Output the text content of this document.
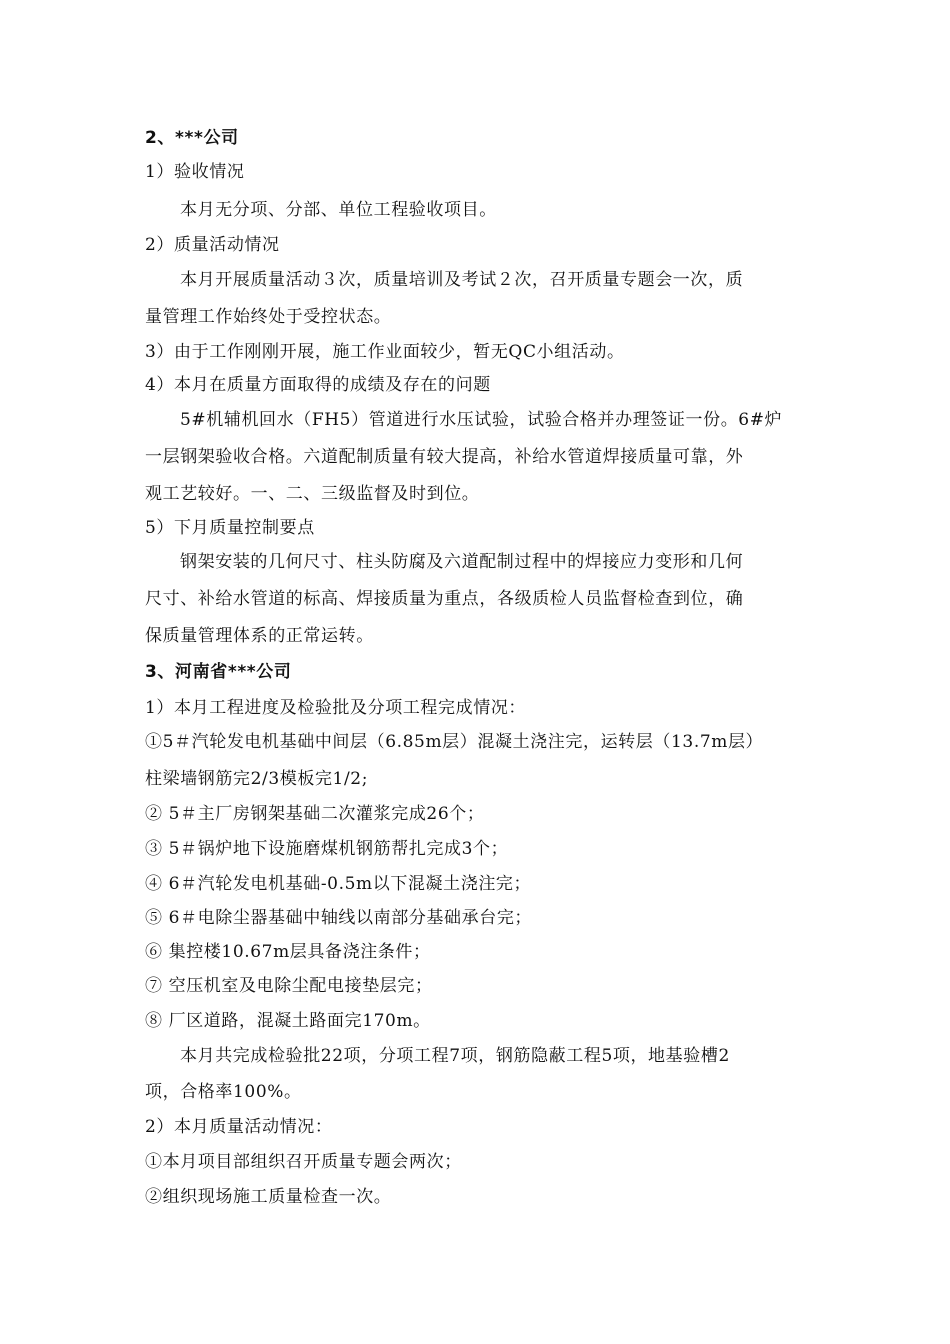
2、***公司
1）验收情况
本月无分项、分部、单位工程验收项目。
2）质量活动情况
本月开展质量活动３次，质量培训及考试２次，召开质量专题会一次，质
量管理工作始终处于受控状态。
3）由于工作刚刚开展，施工作业面较少，暂无QC小组活动。
4）本月在质量方面取得的成绩及存在的问题
5#机辅机回水（FH5）管道进行水压试验，试验合格并办理签证一份。6#炉
一层钢架验收合格。六道配制质量有较大提高，补给水管道焊接质量可靠，外
观工艺较好。一、二、三级监督及时到位。
5）下月质量控制要点
钢架安装的几何尺寸、柱头防腐及六道配制过程中的焊接应力变形和几何
尺寸、补给水管道的标高、焊接质量为重点，各级质检人员监督检查到位，确
保质量管理体系的正常运转。
3、河南省***公司
1）本月工程进度及检验批及分项工程完成情况：
①5＃汽轮发电机基础中间层（6.85m层）混凝土浇注完，运转层（13.7m层）
柱梁墙钢筋完2/3模板完1/2;
② 5＃主厂房钢架基础二次灌浆完成26个；
③ 5＃锅炉地下设施磨煤机钢筋帮扎完成3个；
④ 6＃汽轮发电机基础-0.5m以下混凝土浇注完；
⑤ 6＃电除尘器基础中轴线以南部分基础承台完；
⑥ 集控楼10.67m层具备浇注条件；
⑦ 空压机室及电除尘配电接垫层完；
⑧ 厂区道路，混凝土路面完170m。
本月共完成检验批22项，分项工程7项，钢筋隐蔽工程5项，地基验槽2
项，合格率100%。
2）本月质量活动情况：
①本月项目部组织召开质量专题会两次；
②组织现场施工质量检查一次。
